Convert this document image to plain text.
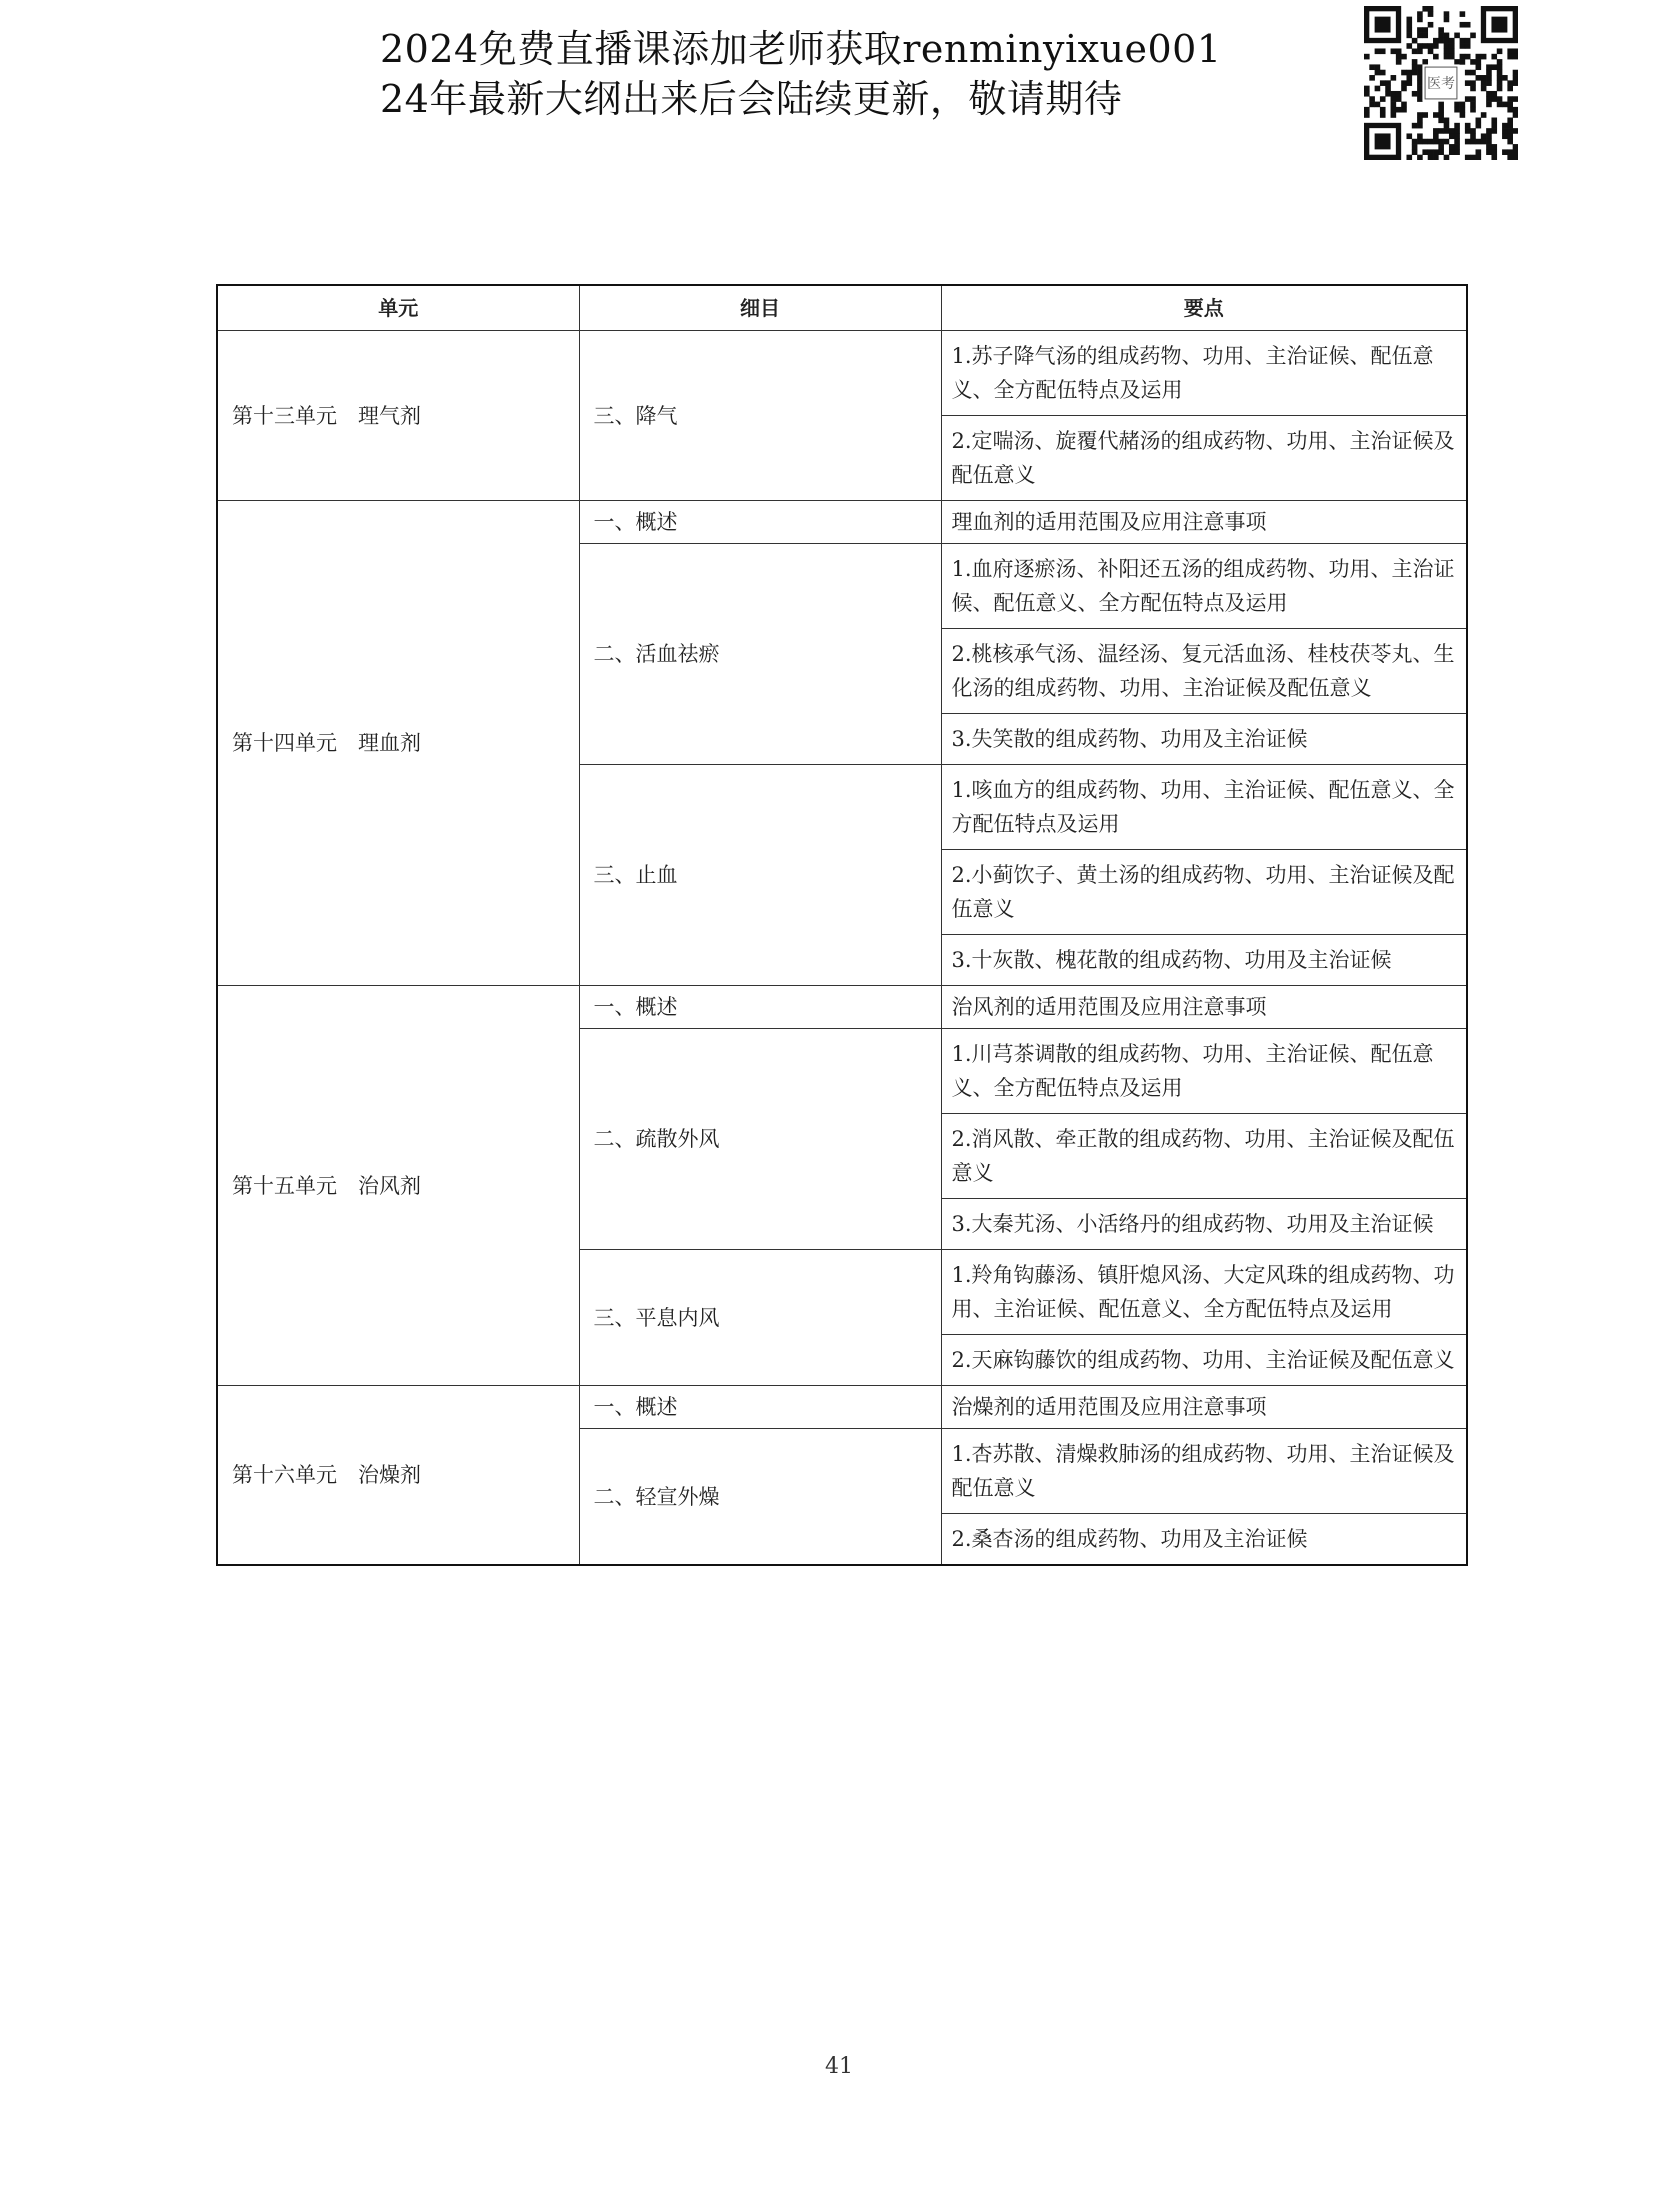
2024免费直播课添加老师获取renminyixue001
24年最新大纲出来后会陆续更新，敬请期待	医考
单元	细目	要点
第十三单元　理气剂	三、降气	1.苏子降气汤的组成药物、功用、主治证候、配伍意义、全方配伍特点及运用
		2.定喘汤、旋覆代赭汤的组成药物、功用、主治证候及配伍意义
第十四单元　理血剂	一、概述	理血剂的适用范围及应用注意事项
	二、活血祛瘀	1.血府逐瘀汤、补阳还五汤的组成药物、功用、主治证候、配伍意义、全方配伍特点及运用
		2.桃核承气汤、温经汤、复元活血汤、桂枝茯苓丸、生化汤的组成药物、功用、主治证候及配伍意义
		3.失笑散的组成药物、功用及主治证候
	三、止血	1.咳血方的组成药物、功用、主治证候、配伍意义、全方配伍特点及运用
		2.小蓟饮子、黄土汤的组成药物、功用、主治证候及配伍意义
		3.十灰散、槐花散的组成药物、功用及主治证候
第十五单元　治风剂	一、概述	治风剂的适用范围及应用注意事项
	二、疏散外风	1.川芎茶调散的组成药物、功用、主治证候、配伍意义、全方配伍特点及运用
		2.消风散、牵正散的组成药物、功用、主治证候及配伍意义
		3.大秦艽汤、小活络丹的组成药物、功用及主治证候
	三、平息内风	1.羚角钩藤汤、镇肝熄风汤、大定风珠的组成药物、功用、主治证候、配伍意义、全方配伍特点及运用
		2.天麻钩藤饮的组成药物、功用、主治证候及配伍意义
第十六单元　治燥剂	一、概述	治燥剂的适用范围及应用注意事项
	二、轻宣外燥	1.杏苏散、清燥救肺汤的组成药物、功用、主治证候及配伍意义
		2.桑杏汤的组成药物、功用及主治证候
41
